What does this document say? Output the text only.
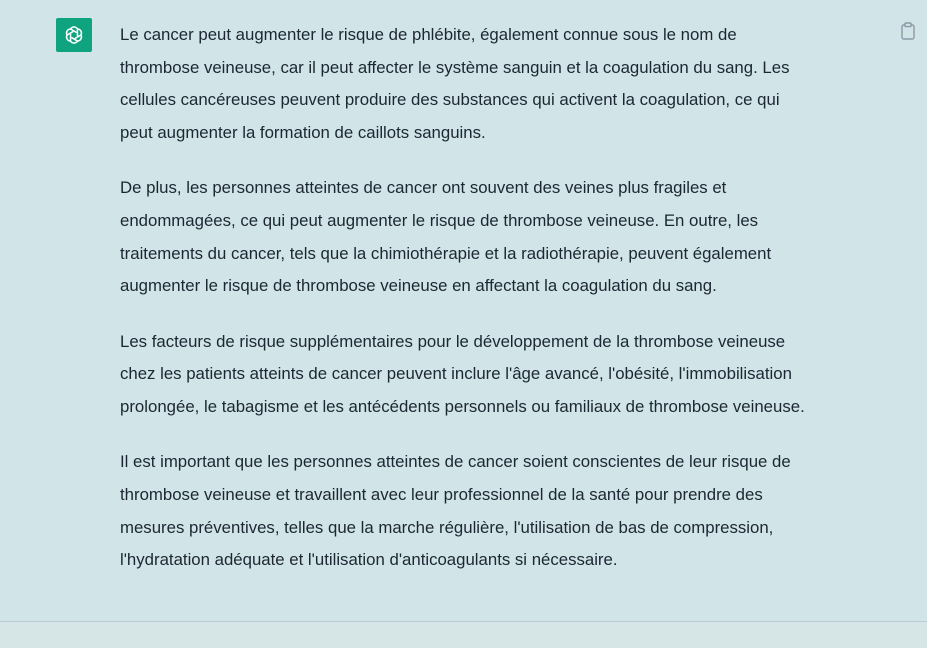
Le cancer peut augmenter le risque de phlébite, également connue sous le nom de
thrombose veineuse, car il peut affecter le système sanguin et la coagulation du sang. Les
cellules cancéreuses peuvent produire des substances qui activent la coagulation, ce qui
peut augmenter la formation de caillots sanguins.

De plus, les personnes atteintes de cancer ont souvent des veines plus fragiles et
endommagées, ce qui peut augmenter le risque de thrombose veineuse. En outre, les
traitements du cancer, tels que la chimiothérapie et la radiothérapie, peuvent également
augmenter le risque de thrombose veineuse en affectant la coagulation du sang.

Les facteurs de risque supplémentaires pour le développement de la thrombose veineuse
chez les patients atteints de cancer peuvent inclure l'âge avancé, l'obésité, l'immobilisation
prolongée, le tabagisme et les antécédents personnels ou familiaux de thrombose veineuse.

Il est important que les personnes atteintes de cancer soient conscientes de leur risque de
thrombose veineuse et travaillent avec leur professionnel de la santé pour prendre des
mesures préventives, telles que la marche régulière, l'utilisation de bas de compression,
l'hydratation adéquate et l'utilisation d'anticoagulants si nécessaire.
